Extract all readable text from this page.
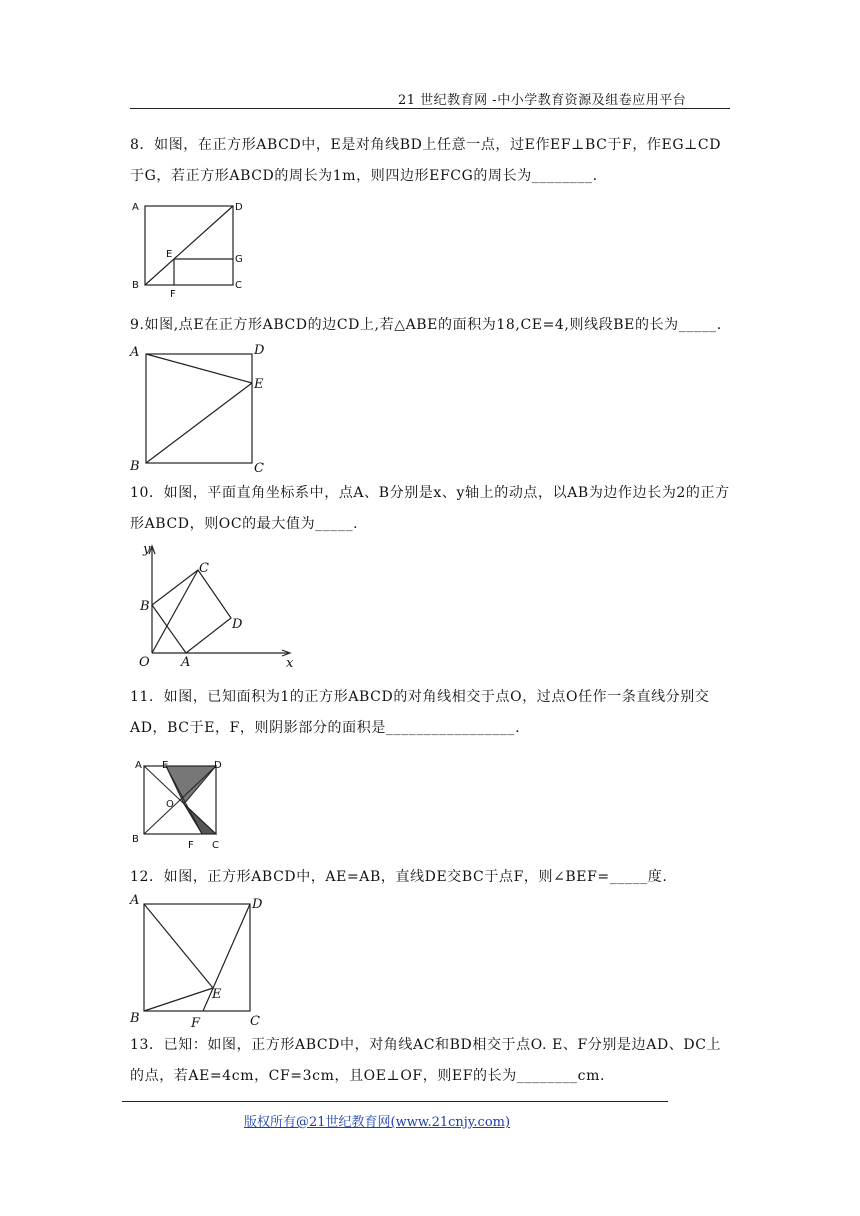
21 世纪教育网 -中小学教育资源及组卷应用平台
8．如图，在正方形ABCD中，E是对角线BD上任意一点，过E作EF⊥BC于F，作EG⊥CD于G，若正方形ABCD的周长为1m，则四边形EFCG的周长为________.
A	D
E	G
B
F
C
9.如图,点E在正方形ABCD的边CD上,若△ABE的面积为18,CE=4,则线段BE的长为_____.
A	D
E
B	C
10．如图，平面直角坐标系中，点A、B分别是x、y轴上的动点，以AB为边作边长为2的正方形ABCD，则OC的最大值为_____.
y
C
B
D
O A	x
11．如图，已知面积为1的正方形ABCD的对角线相交于点O，过点O任作一条直线分别交AD，BC于E，F，则阴影部分的面积是_________________.
A E	D
O
B
F C
12．如图，正方形ABCD中，AE=AB，直线DE交BC于点F，则∠BEF=_____度.
A	D
E
B	F	C
13．已知：如图，正方形ABCD中，对角线AC和BD相交于点O. E、F分别是边AD、DC上的点，若AE=4cm，CF=3cm，且OE⊥OF，则EF的长为________cm.
版权所有@21世纪教育网(www.21cnjy.com)
